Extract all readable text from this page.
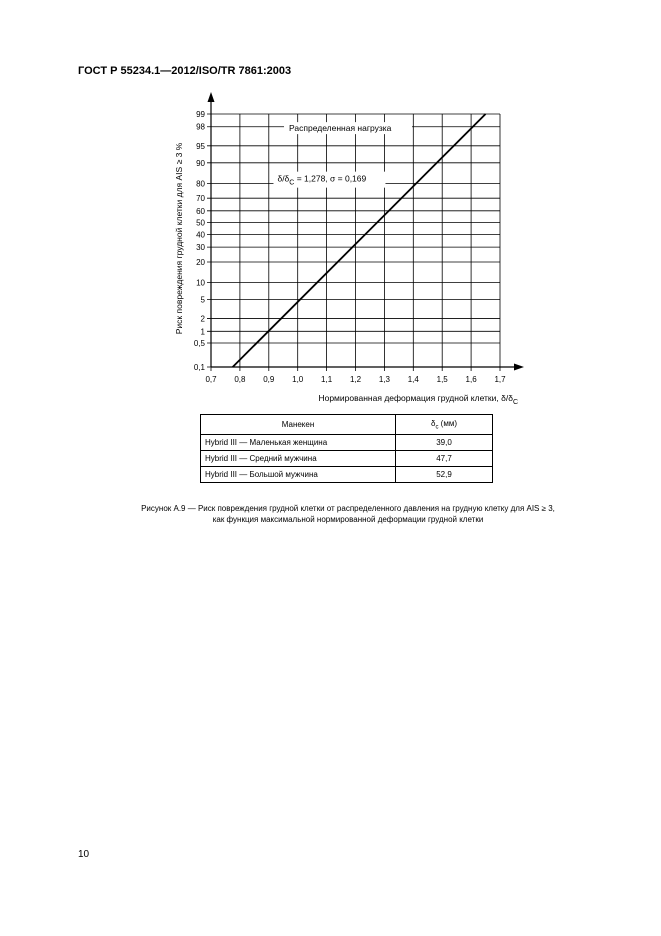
ГОСТ Р 55234.1—2012/ISO/TR 7861:2003
0,7 0,8 0,9 1,0 1,1 1,2 1,3 1,4 1,5 1,6 1,7
0,1
0,5
1
2
5
10
20
30
40
50
60
70
80
90
95
98
99
Распределенная нагрузка
$\delta/\delta_C = 1,278$, σ = 0,169
Нормированная деформация грудной клетки, $\delta/\delta_C$
Риск повреждения грудной клетки для AIS ≥ 3 %
Манекен	$\delta_c$ (мм)
Hybrid III — Маленькая женщина	39,0
Hybrid III — Средний мужчина	47,7
Hybrid III — Большой мужчина	52,9
Рисунок А.9 — Риск повреждения грудной клетки от распределенного давления на грудную клетку для AIS ≥ 3,
как функция максимальной нормированной деформации грудной клетки
10
